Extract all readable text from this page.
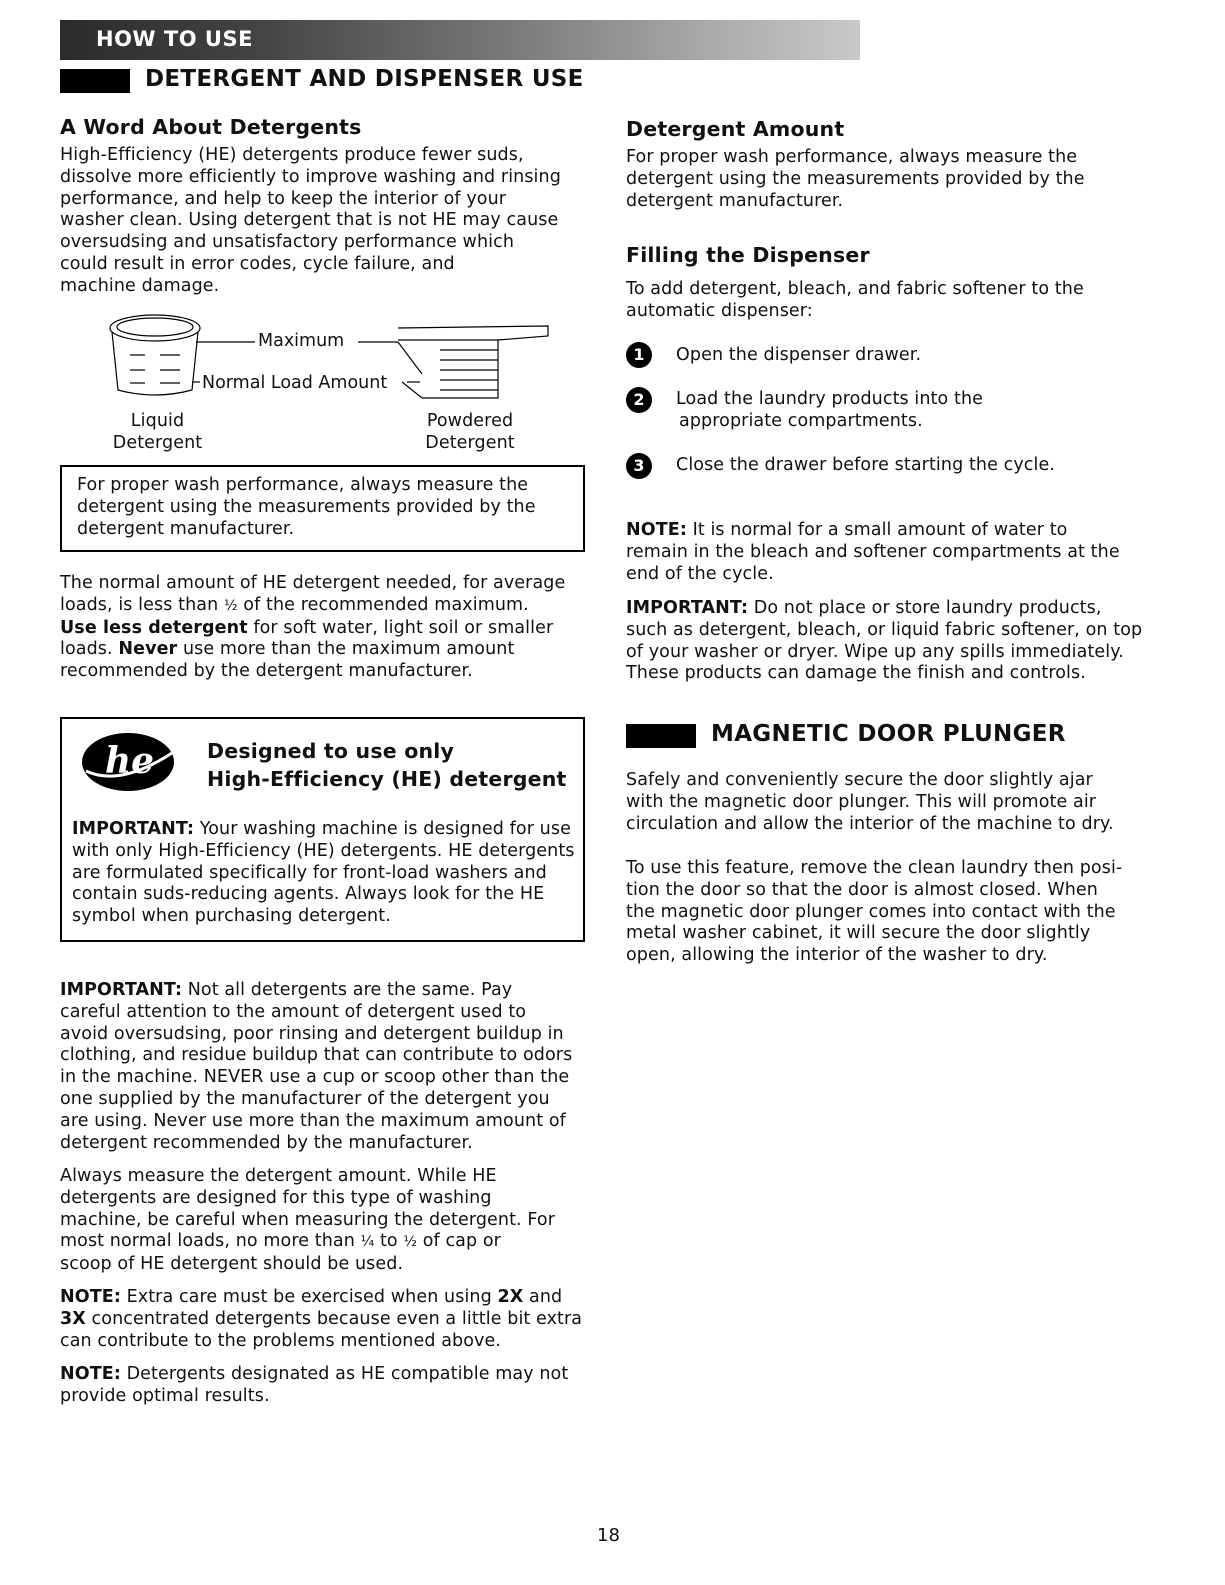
HOW TO USE
DETERGENT AND DISPENSER USE
A Word About Detergents

High-Efficiency (HE) detergents produce fewer suds,

dissolve more efficiently to improve washing and rinsing

performance, and help to keep the interior of your

washer clean. Using detergent that is not HE may cause

oversudsing and unsatisfactory performance which

could result in error codes, cycle failure, and

machine damage.

Maximum
Normal Load Amount

Liquid

Detergent

Powdered

Detergent

For proper wash performance, always measure the

detergent using the measurements provided by the

detergent manufacturer.

The normal amount of HE detergent needed, for average

loads, is less than ½ of the recommended maximum.

Use less detergent for soft water, light soil or smaller

loads. Never use more than the maximum amount

recommended by the detergent manufacturer.

he	Designed to use only
High-Efficiency (HE) detergent

IMPORTANT: Your washing machine is designed for use

with only High-Efficiency (HE) detergents. HE detergents

are formulated specifically for front-load washers and

contain suds-reducing agents. Always look for the HE

symbol when purchasing detergent.

IMPORTANT: Not all detergents are the same. Pay

careful attention to the amount of detergent used to

avoid oversudsing, poor rinsing and detergent buildup in

clothing, and residue buildup that can contribute to odors

in the machine. NEVER use a cup or scoop other than the

one supplied by the manufacturer of the detergent you

are using. Never use more than the maximum amount of

detergent recommended by the manufacturer.

Always measure the detergent amount. While HE

detergents are designed for this type of washing

machine, be careful when measuring the detergent. For

most normal loads, no more than ¼ to ½ of cap or

scoop of HE detergent should be used.

NOTE: Extra care must be exercised when using 2X and

3X concentrated detergents because even a little bit extra

can contribute to the problems mentioned above.

NOTE: Detergents designated as HE compatible may not

provide optimal results.

Detergent Amount

For proper wash performance, always measure the

detergent using the measurements provided by the

detergent manufacturer.

Filling the Dispenser

To add detergent, bleach, and fabric softener to the

automatic dispenser:

1	Open the dispenser drawer.

2	Load the laundry products into the

appropriate compartments.

3	Close the drawer before starting the cycle.

NOTE: It is normal for a small amount of water to

remain in the bleach and softener compartments at the

end of the cycle.

IMPORTANT: Do not place or store laundry products,

such as detergent, bleach, or liquid fabric softener, on top

of your washer or dryer. Wipe up any spills immediately.

These products can damage the finish and controls.

MAGNETIC DOOR PLUNGER

Safely and conveniently secure the door slightly ajar

with the magnetic door plunger. This will promote air

circulation and allow the interior of the machine to dry.

To use this feature, remove the clean laundry then posi-

tion the door so that the door is almost closed. When

the magnetic door plunger comes into contact with the

metal washer cabinet, it will secure the door slightly

open, allowing the interior of the washer to dry.

18
